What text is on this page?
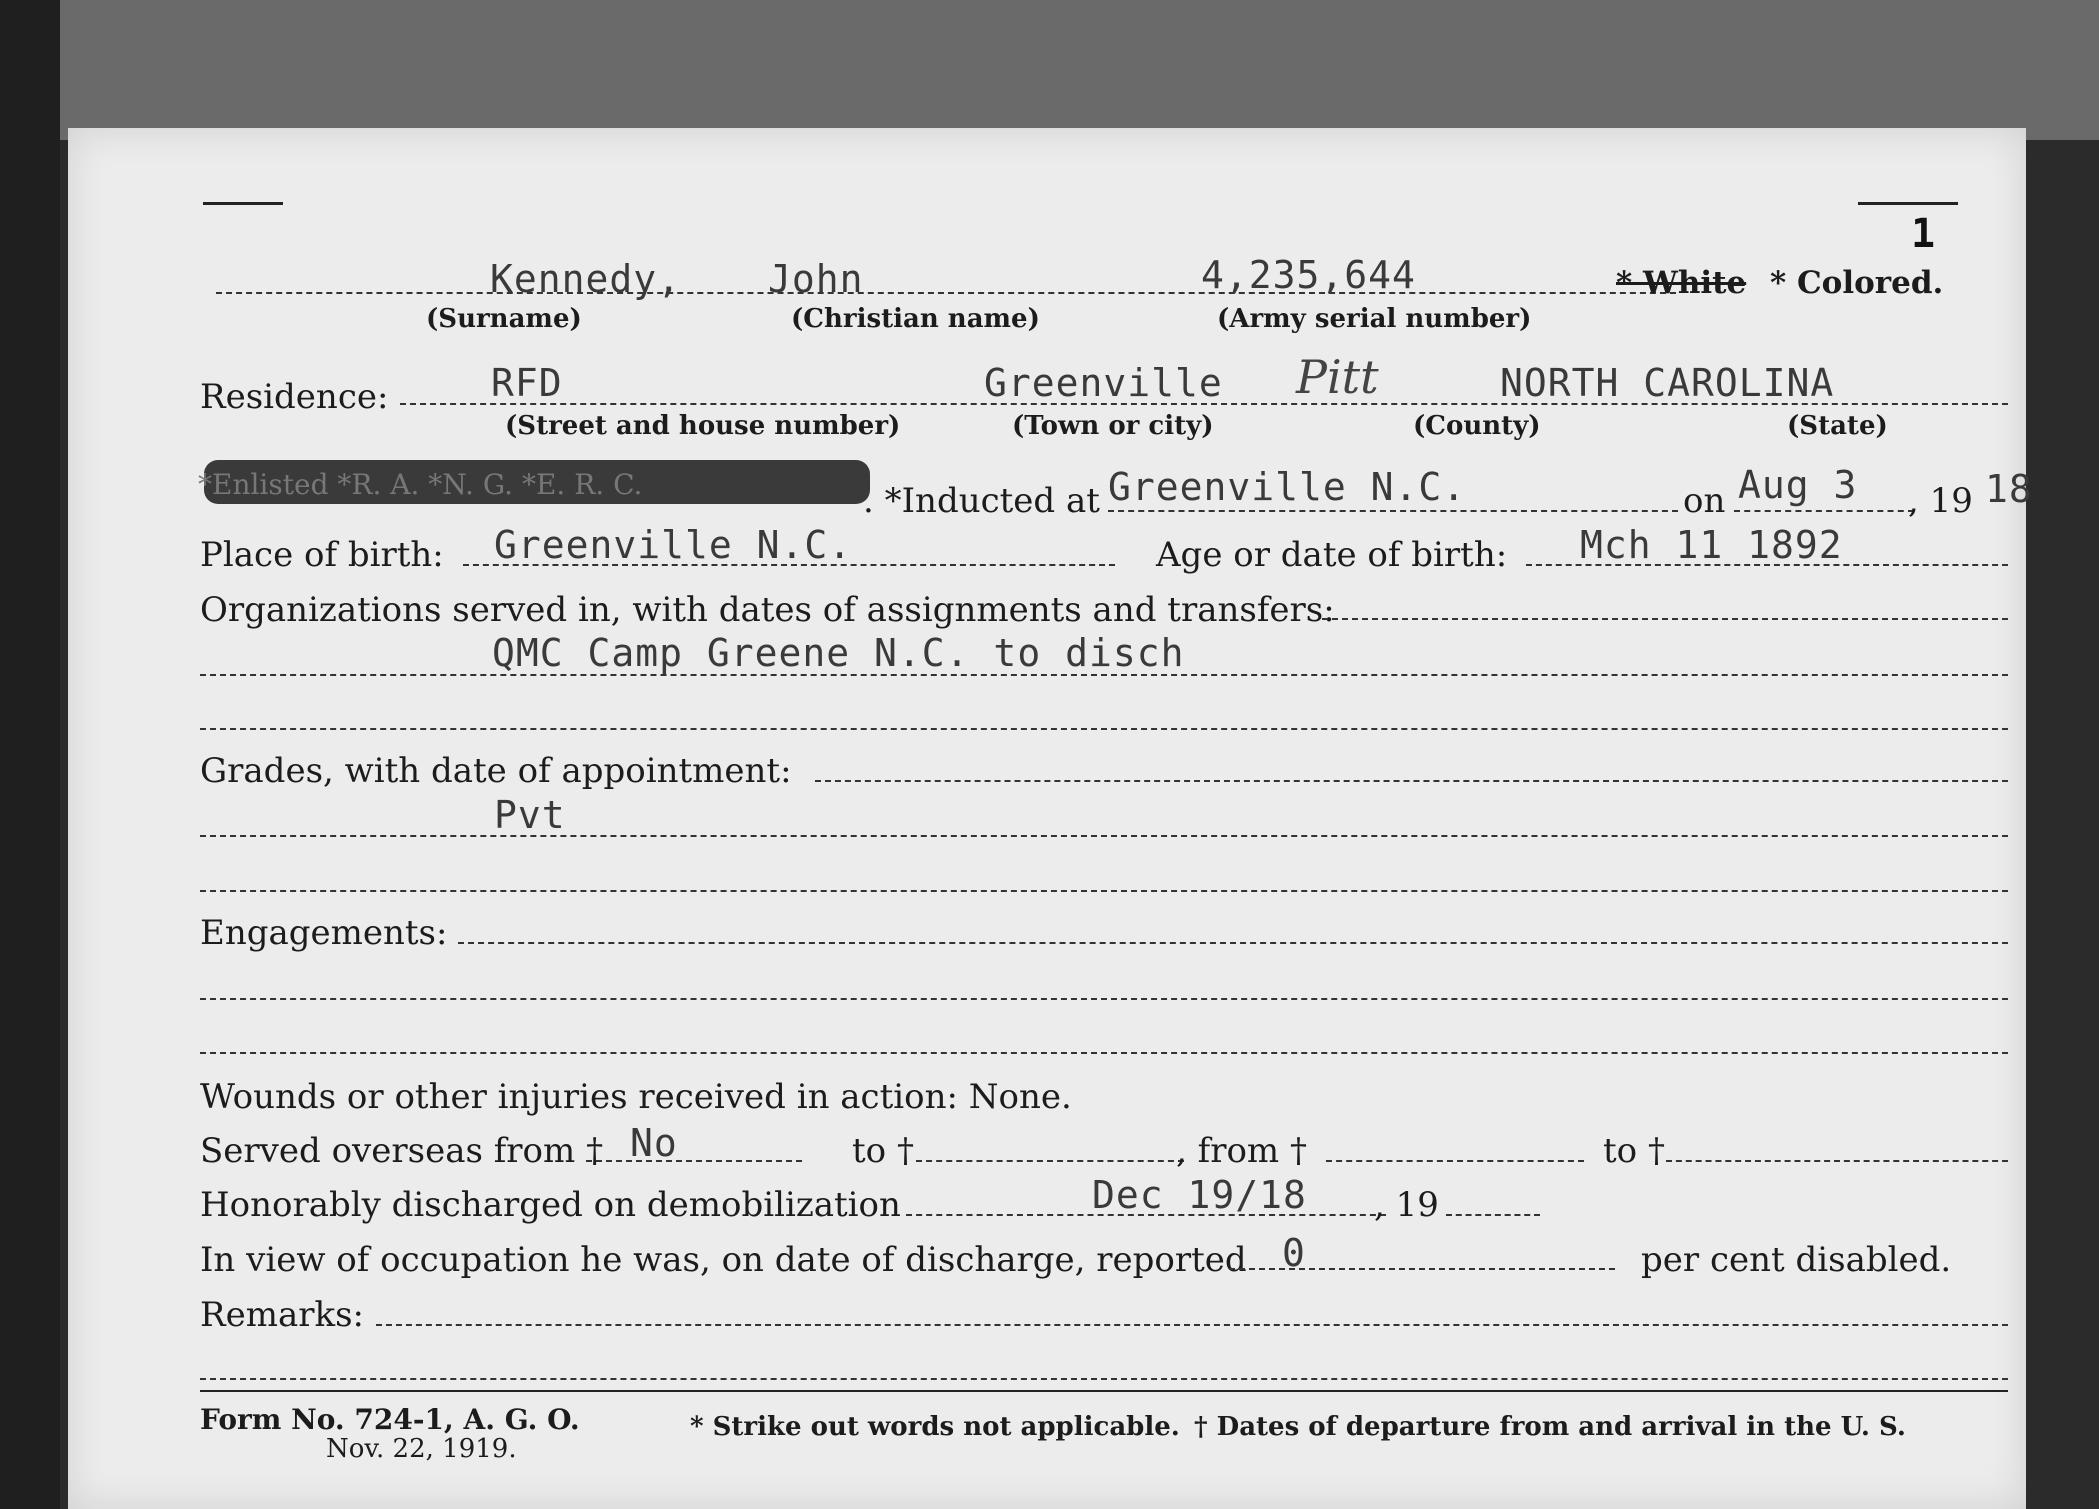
1
Kennedy, John	4,235,644	* White * Colored.
(Surname)	(Christian name)	(Army serial number)
Residence:	RFD	Greenville Pitt	NORTH CAROLINA
(Street and house number)	(Town or city)	(County)	(State)
*Enlisted *R. A. *N. G. *E. R. C.	. *Inducted at Greenville N.C.	on Aug 3 , 19 18
Place of birth: Greenville N.C.	Age or date of birth: Mch 11 1892
Organizations served in, with dates of assignments and transfers:
QMC Camp Greene N.C. to disch
Grades, with date of appointment:
Pvt
Engagements:
Wounds or other injuries received in action: None.
Served overseas from † No	to †	, from †	to †
Honorably discharged on demobilization	Dec 19/18 , 19
In view of occupation he was, on date of discharge, reported 0	per cent disabled.
Remarks:
Form No. 724-1, A. G. O.
Nov. 22, 1919.
* Strike out words not applicable. † Dates of departure from and arrival in the U. S.
